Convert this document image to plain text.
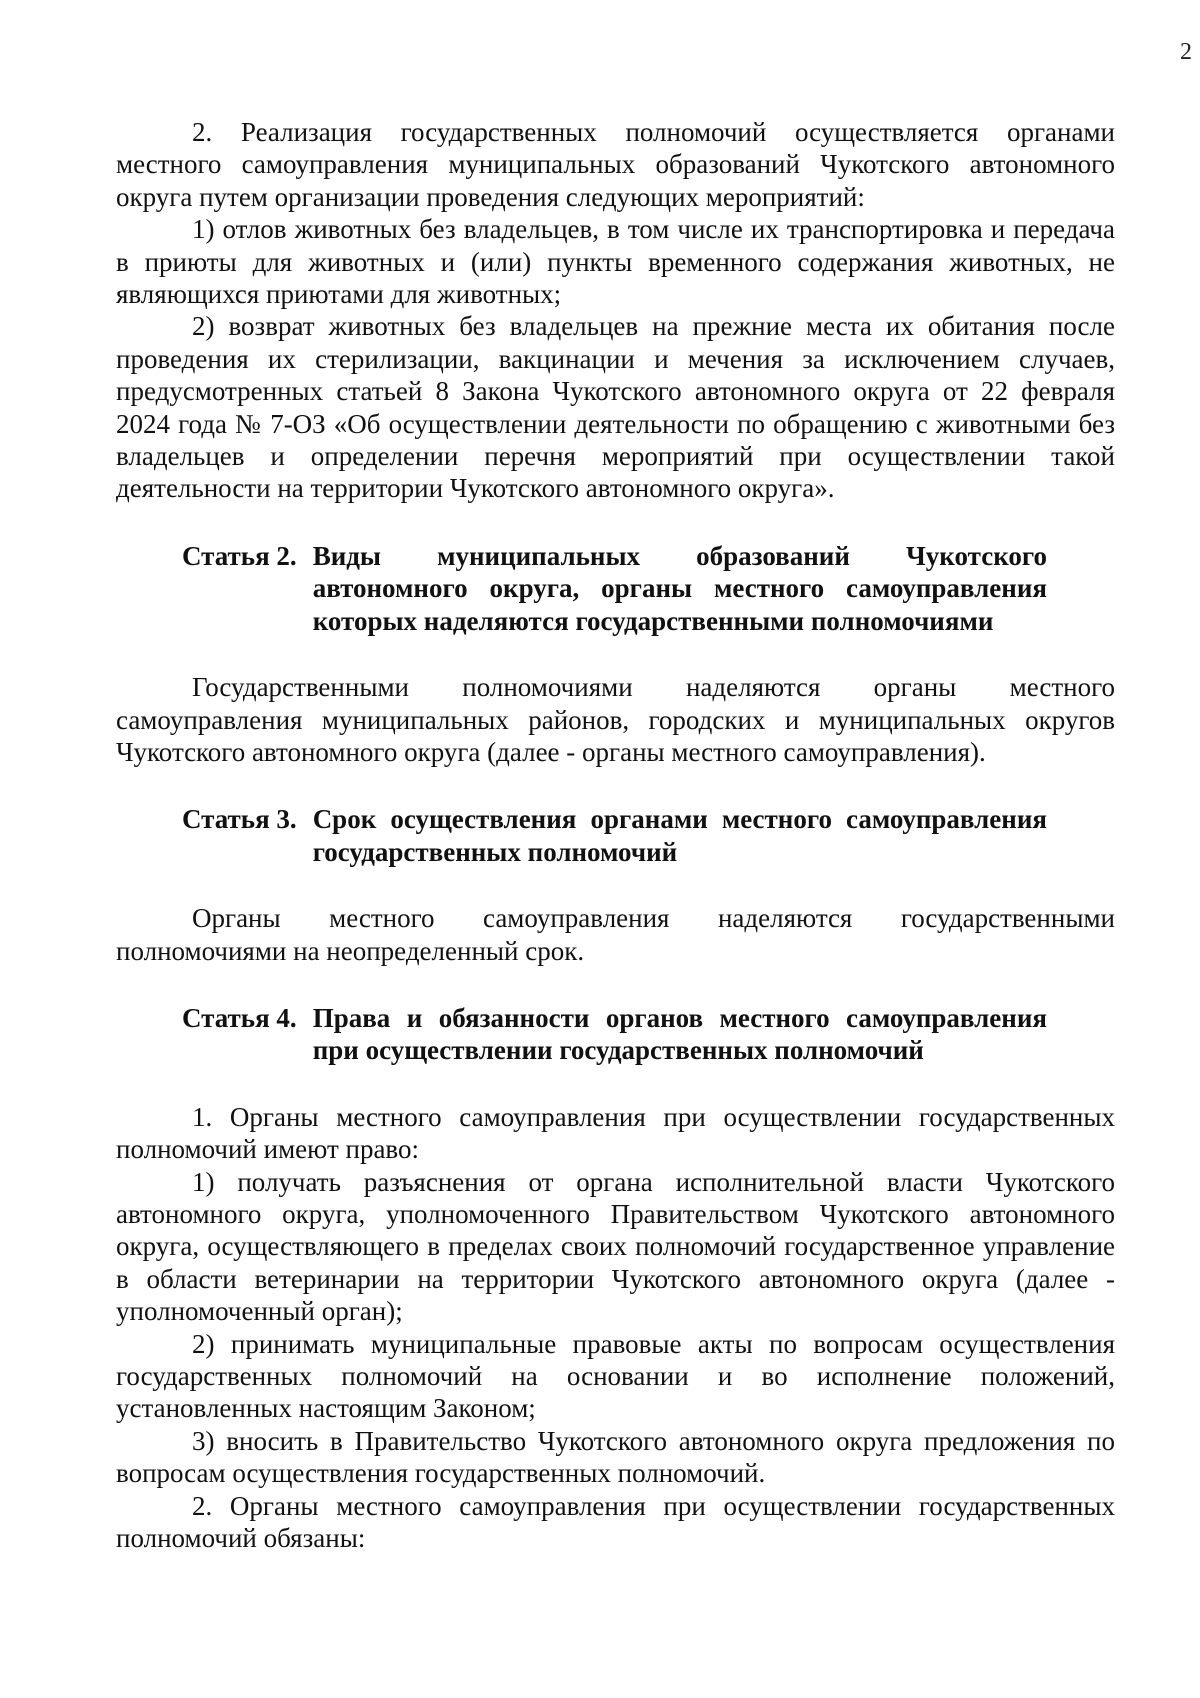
2

2. Реализация государственных полномочий осуществляется органами местного самоуправления муниципальных образований Чукотского автономного округа путем организации проведения следующих мероприятий:

1) отлов животных без владельцев, в том числе их транспортировка и передача в приюты для животных и (или) пункты временного содержания животных, не являющихся приютами для животных;

2) возврат животных без владельцев на прежние места их обитания после проведения их стерилизации, вакцинации и мечения за исключением случаев, предусмотренных статьей 8 Закона Чукотского автономного округа от 22 февраля 2024 года № 7-ОЗ «Об осуществлении деятельности по обращению с животными без владельцев и определении перечня мероприятий при осуществлении такой деятельности на территории Чукотского автономного округа».

Статья 2. Виды муниципальных образований Чукотского автономного округа, органы местного самоуправления которых наделяются государственными полномочиями

Государственными полномочиями наделяются органы местного самоуправления муниципальных районов, городских и муниципальных округов Чукотского автономного округа (далее - органы местного самоуправления).

Статья 3. Срок осуществления органами местного самоуправления государственных полномочий

Органы местного самоуправления наделяются государственными полномочиями на неопределенный срок.

Статья 4. Права и обязанности органов местного самоуправления при осуществлении государственных полномочий

1. Органы местного самоуправления при осуществлении государственных полномочий имеют право:

1) получать разъяснения от органа исполнительной власти Чукотского автономного округа, уполномоченного Правительством Чукотского автономного округа, осуществляющего в пределах своих полномочий государственное управление в области ветеринарии на территории Чукотского автономного округа (далее - уполномоченный орган);

2) принимать муниципальные правовые акты по вопросам осуществления государственных полномочий на основании и во исполнение положений, установленных настоящим Законом;

3) вносить в Правительство Чукотского автономного округа предложения по вопросам осуществления государственных полномочий.

2. Органы местного самоуправления при осуществлении государственных полномочий обязаны:
